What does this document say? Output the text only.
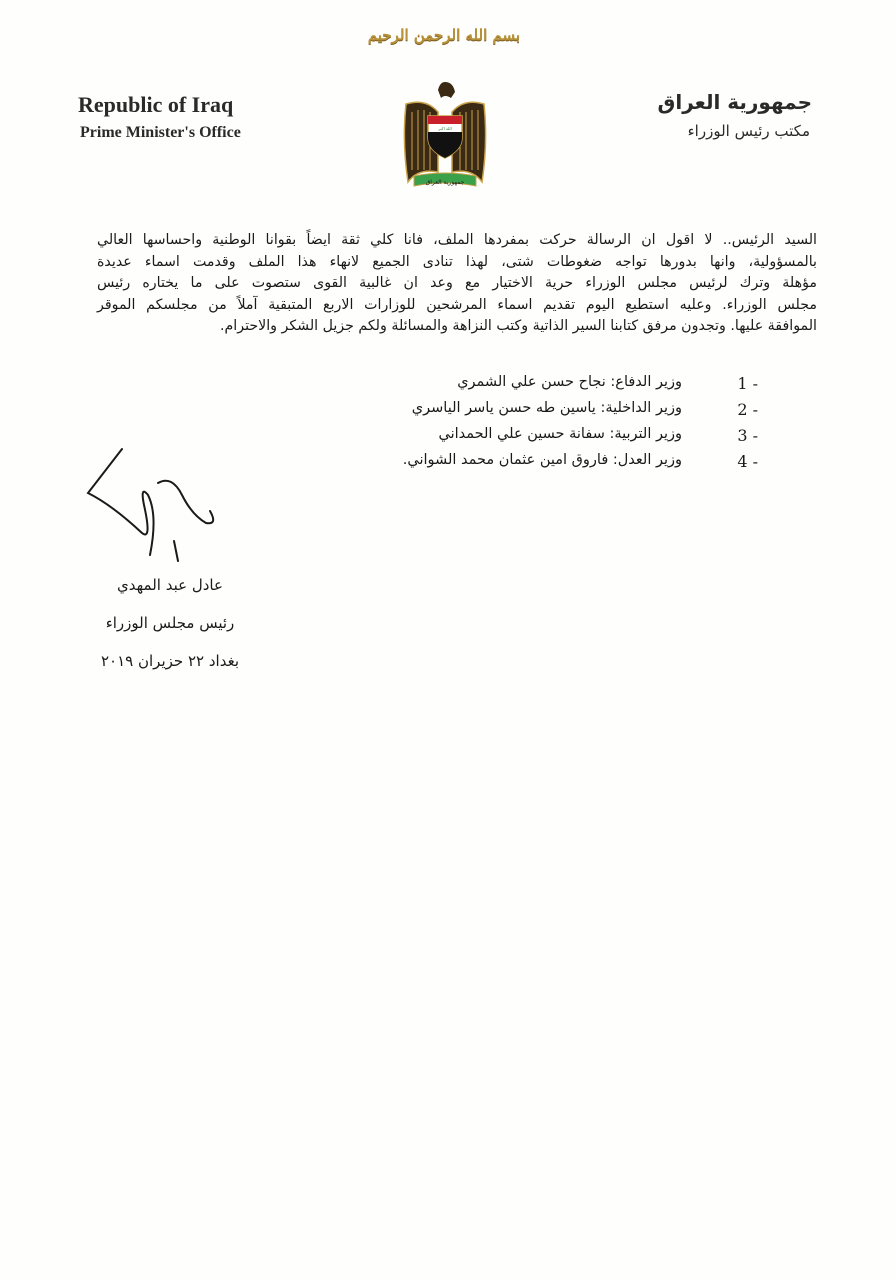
بسم الله الرحمن الرحيم
Republic of Iraq
Prime Minister's Office
جمهورية العراق
مكتب رئيس الوزراء
الله اكبر
جمهورية العراق
السيد الرئيس.. لا اقول ان الرسالة حركت بمفردها الملف، فانا كلي ثقة ايضاً بقوانا الوطنية واحساسها العالي
بالمسؤولية، وانها بدورها تواجه ضغوطات شتى، لهذا تنادى الجميع لانهاء هذا الملف وقدمت اسماء عديدة
مؤهلة وترك لرئيس مجلس الوزراء حرية الاختيار مع وعد ان غالبية القوى ستصوت على ما يختاره رئيس
مجلس الوزراء. وعليه استطيع اليوم تقديم اسماء المرشحين للوزارات الاربع المتبقية آملاً من مجلسكم الموقر
الموافقة عليها. وتجدون مرفق كتابنا السير الذاتية وكتب النزاهة والمسائلة ولكم جزيل الشكر والاحترام.
1 -
وزير الدفاع: نجاح حسن علي الشمري
2 -
وزير الداخلية: ياسين طه حسن ياسر الياسري
3 -
وزير التربية: سفانة حسين علي الحمداني
4 -
وزير العدل: فاروق امين عثمان محمد الشواني.
عادل عبد المهدي
رئيس مجلس الوزراء
بغداد ٢٢ حزيران ٢٠١٩
